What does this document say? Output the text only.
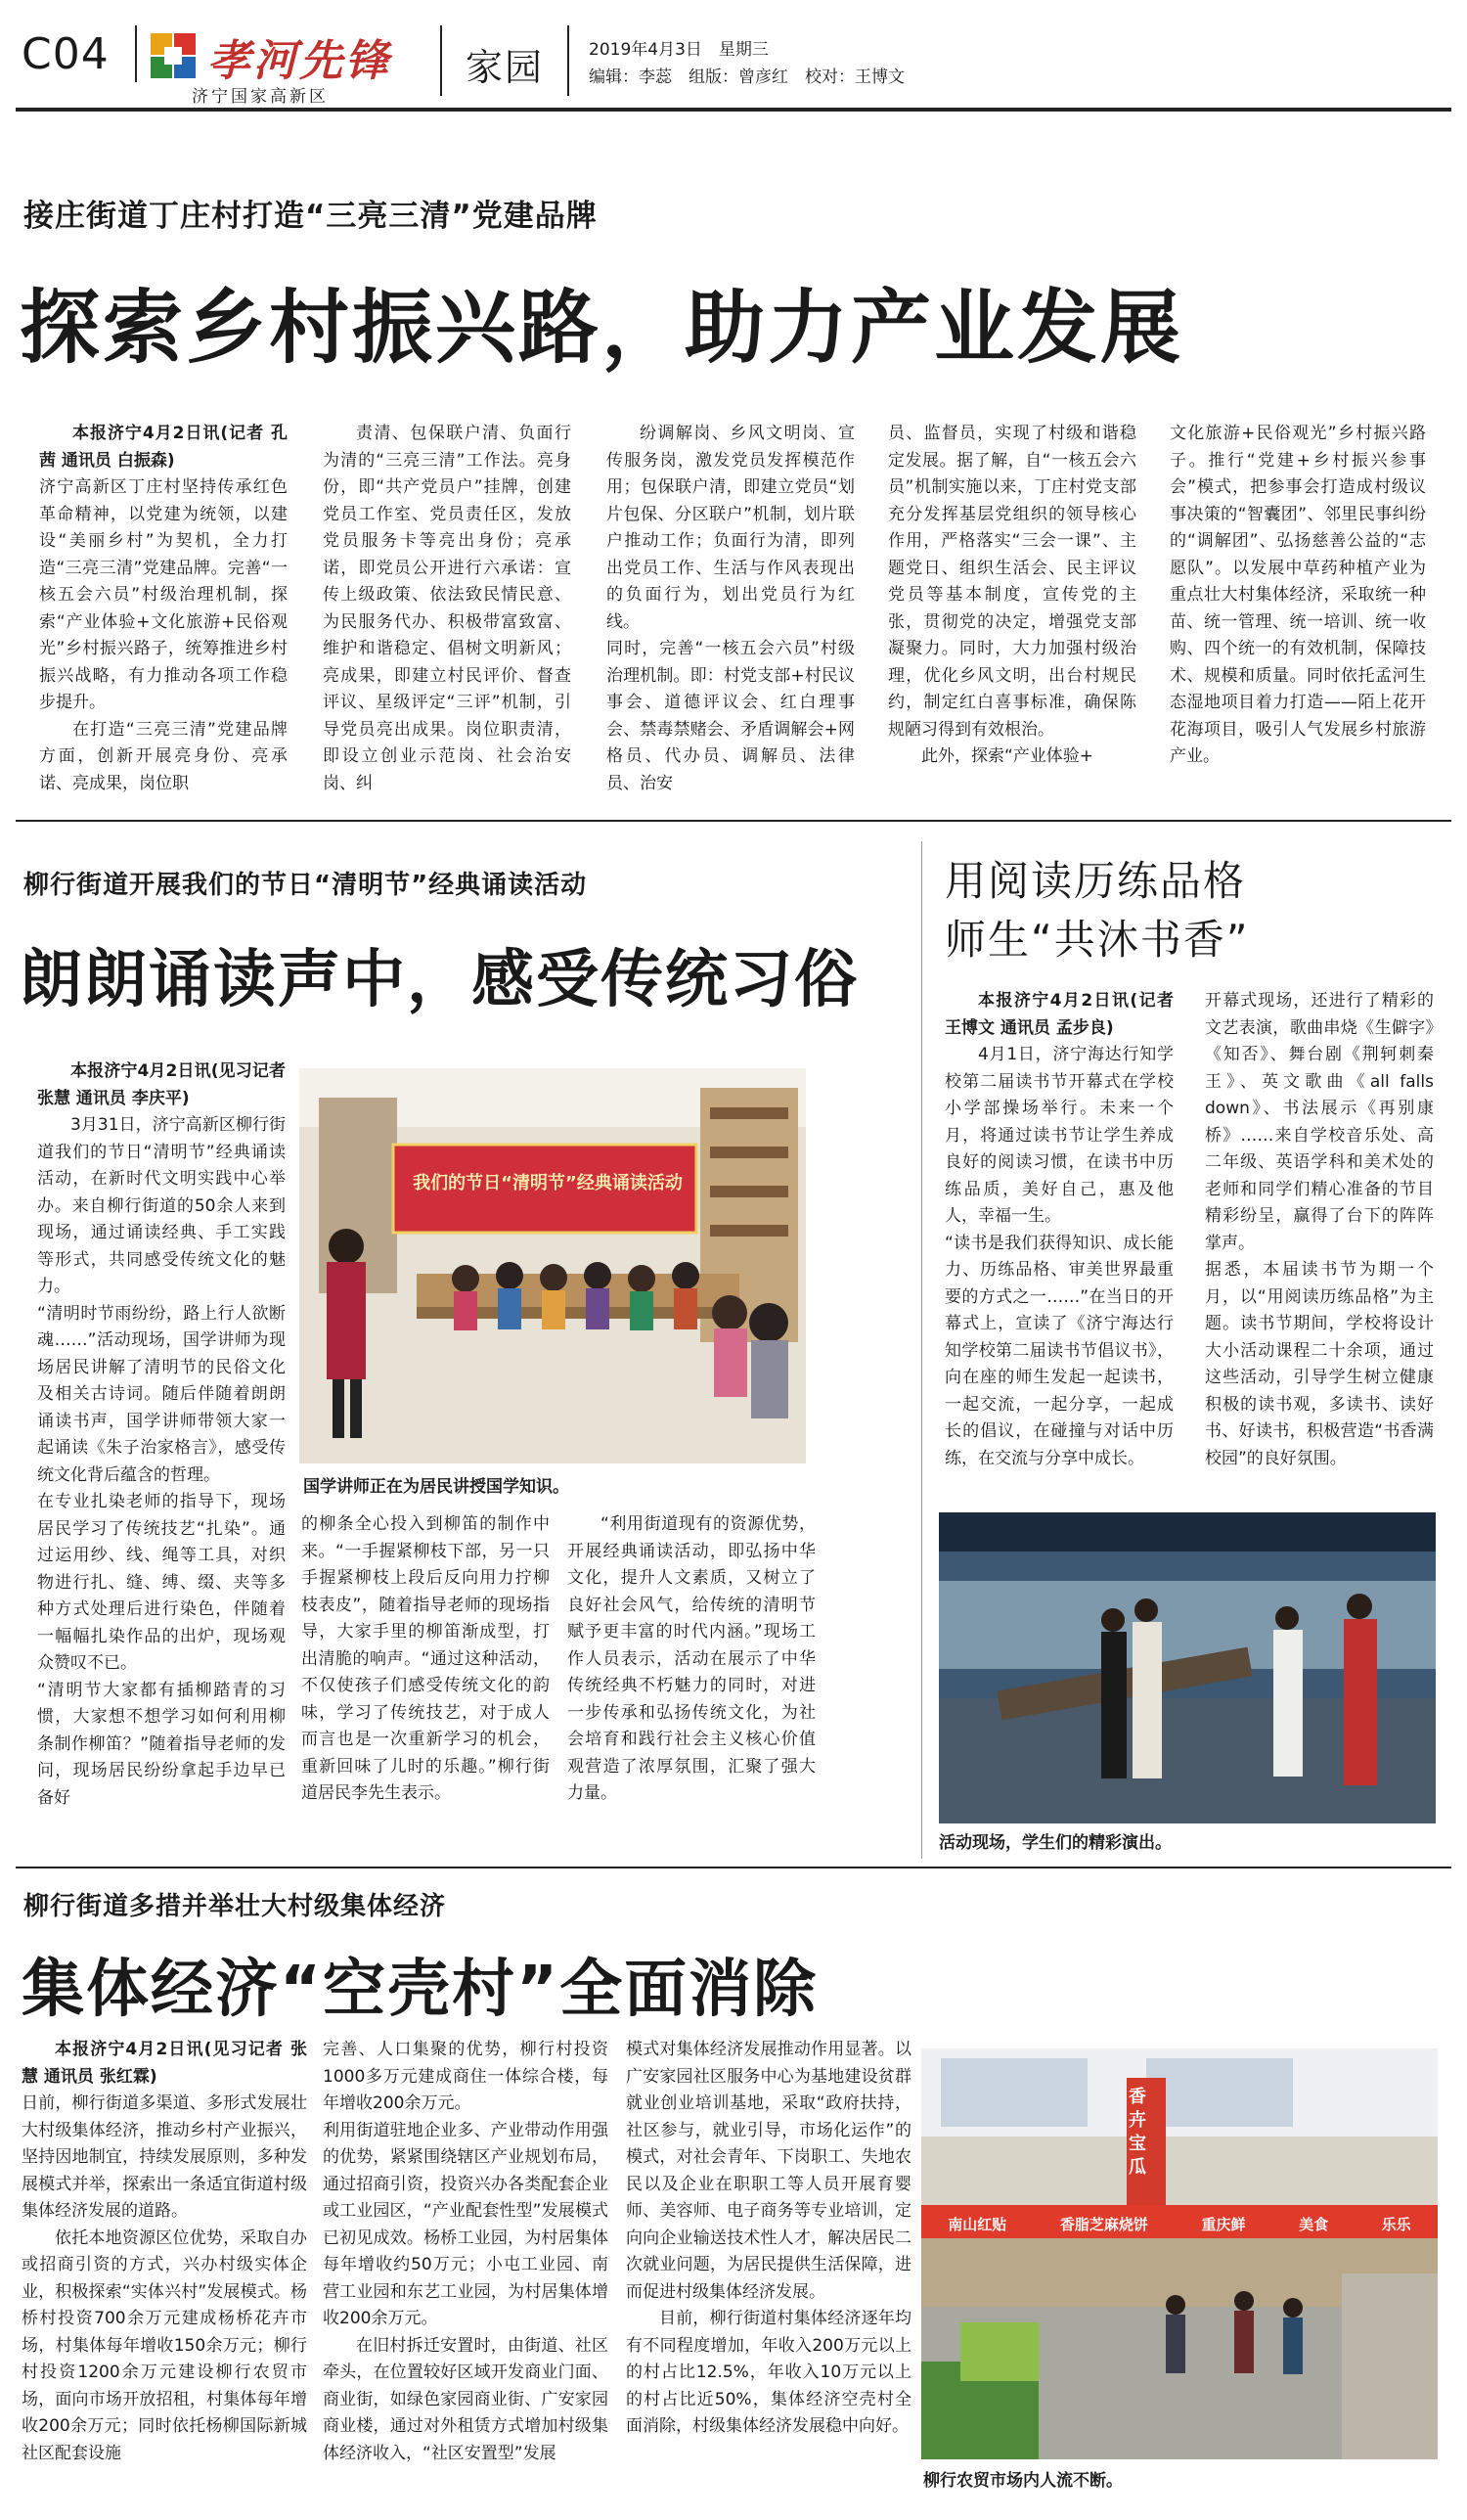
C04 孝河先锋
济宁国家高新区
家园	2019年4月3日　星期三
编辑：李蕊　组版：曾彦红　校对：王博文
接庄街道丁庄村打造“三亮三清”党建品牌
探索乡村振兴路，助力产业发展

本报济宁4月2日讯(记者 孔茜 通讯员 白振森)

济宁高新区丁庄村坚持传承红色革命精神，以党建为统领，以建设“美丽乡村”为契机，全力打造“三亮三清”党建品牌。完善“一核五会六员”村级治理机制，探索“产业体验+文化旅游+民俗观光”乡村振兴路子，统筹推进乡村振兴战略，有力推动各项工作稳步提升。

在打造“三亮三清”党建品牌方面，创新开展亮身份、亮承诺、亮成果，岗位职

责清、包保联户清、负面行为清的“三亮三清”工作法。亮身份，即“共产党员户”挂牌，创建党员工作室、党员责任区，发放党员服务卡等亮出身份；亮承诺，即党员公开进行六承诺：宣传上级政策、依法致民情民意、为民服务代办、积极带富致富、维护和谐稳定、倡树文明新风；亮成果，即建立村民评价、督查评议、星级评定“三评”机制，引导党员亮出成果。岗位职责清，即设立创业示范岗、社会治安岗、纠

纷调解岗、乡风文明岗、宣传服务岗，激发党员发挥模范作用；包保联户清，即建立党员“划片包保、分区联户”机制，划片联户推动工作；负面行为清，即列出党员工作、生活与作风表现出的负面行为，划出党员行为红线。

同时，完善“一核五会六员”村级治理机制。即：村党支部+村民议事会、道德评议会、红白理事会、禁毒禁赌会、矛盾调解会+网格员、代办员、调解员、法律员、治安

员、监督员，实现了村级和谐稳定发展。据了解，自“一核五会六员”机制实施以来，丁庄村党支部充分发挥基层党组织的领导核心作用，严格落实“三会一课”、主题党日、组织生活会、民主评议党员等基本制度，宣传党的主张，贯彻党的决定，增强党支部凝聚力。同时，大力加强村级治理，优化乡风文明，出台村规民约，制定红白喜事标准，确保陈规陋习得到有效根治。

此外，探索“产业体验+

文化旅游+民俗观光”乡村振兴路子。推行“党建+乡村振兴参事会”模式，把参事会打造成村级议事决策的“智囊团”、邻里民事纠纷的“调解团”、弘扬慈善公益的“志愿队”。以发展中草药种植产业为重点壮大村集体经济，采取统一种苗、统一管理、统一培训、统一收购、四个统一的有效机制，保障技术、规模和质量。同时依托孟河生态湿地项目着力打造——陌上花开花海项目，吸引人气发展乡村旅游产业。

柳行街道开展我们的节日“清明节”经典诵读活动
朗朗诵读声中，感受传统习俗

本报济宁4月2日讯(见习记者 张慧 通讯员 李庆平)

3月31日，济宁高新区柳行街道我们的节日“清明节”经典诵读活动，在新时代文明实践中心举办。来自柳行街道的50余人来到现场，通过诵读经典、手工实践等形式，共同感受传统文化的魅力。

“清明时节雨纷纷，路上行人欲断魂……”活动现场，国学讲师为现场居民讲解了清明节的民俗文化及相关古诗词。随后伴随着朗朗诵读书声，国学讲师带领大家一起诵读《朱子治家格言》，感受传统文化背后蕴含的哲理。

在专业扎染老师的指导下，现场居民学习了传统技艺“扎染”。通过运用纱、线、绳等工具，对织物进行扎、缝、缚、缀、夹等多种方式处理后进行染色，伴随着一幅幅扎染作品的出炉，现场观众赞叹不已。

“清明节大家都有插柳踏青的习惯，大家想不想学习如何利用柳条制作柳笛？”随着指导老师的发问，现场居民纷纷拿起手边早已备好

我们的节日“清明节”经典诵读活动
国学讲师正在为居民讲授国学知识。

的柳条全心投入到柳笛的制作中来。“一手握紧柳枝下部，另一只手握紧柳枝上段后反向用力拧柳枝表皮”，随着指导老师的现场指导，大家手里的柳笛渐成型，打出清脆的响声。“通过这种活动，不仅使孩子们感受传统文化的韵味，学习了传统技艺，对于成人而言也是一次重新学习的机会，重新回味了儿时的乐趣。”柳行街道居民李先生表示。

“利用街道现有的资源优势，开展经典诵读活动，即弘扬中华文化，提升人文素质，又树立了良好社会风气，给传统的清明节赋予更丰富的时代内涵。”现场工作人员表示，活动在展示了中华传统经典不朽魅力的同时，对进一步传承和弘扬传统文化，为社会培育和践行社会主义核心价值观营造了浓厚氛围，汇聚了强大力量。

用阅读历练品格
师生“共沐书香”

本报济宁4月2日讯(记者 王博文 通讯员 孟步良)

4月1日，济宁海达行知学校第二届读书节开幕式在学校小学部操场举行。未来一个月，将通过读书节让学生养成良好的阅读习惯，在读书中历练品质，美好自己，惠及他人，幸福一生。

“读书是我们获得知识、成长能力、历练品格、审美世界最重要的方式之一……”在当日的开幕式上，宣读了《济宁海达行知学校第二届读书节倡议书》，向在座的师生发起一起读书，一起交流，一起分享，一起成长的倡议，在碰撞与对话中历练，在交流与分享中成长。

开幕式现场，还进行了精彩的文艺表演，歌曲串烧《生僻字》《知否》、舞台剧《荆轲刺秦王》、英文歌曲《all falls down》、书法展示《再别康桥》……来自学校音乐处、高二年级、英语学科和美术处的老师和同学们精心准备的节目精彩纷呈，赢得了台下的阵阵掌声。

据悉，本届读书节为期一个月，以“用阅读历练品格”为主题。读书节期间，学校将设计大小活动课程二十余项，通过这些活动，引导学生树立健康积极的读书观，多读书、读好书、好读书，积极营造“书香满校园”的良好氛围。

活动现场，学生们的精彩演出。
柳行街道多措并举壮大村级集体经济
集体经济“空壳村”全面消除

本报济宁4月2日讯(见习记者 张慧 通讯员 张红霖)

日前，柳行街道多渠道、多形式发展壮大村级集体经济，推动乡村产业振兴，坚持因地制宜，持续发展原则，多种发展模式并举，探索出一条适宜街道村级集体经济发展的道路。

依托本地资源区位优势，采取自办或招商引资的方式，兴办村级实体企业，积极探索“实体兴村”发展模式。杨桥村投资700余万元建成杨桥花卉市场，村集体每年增收150余万元；柳行村投资1200余万元建设柳行农贸市场，面向市场开放招租，村集体每年增收200余万元；同时依托杨柳国际新城社区配套设施

完善、人口集聚的优势，柳行村投资1000多万元建成商住一体综合楼，每年增收200余万元。

利用街道驻地企业多、产业带动作用强的优势，紧紧围绕辖区产业规划布局，通过招商引资，投资兴办各类配套企业或工业园区，“产业配套性型”发展模式已初见成效。杨桥工业园，为村居集体每年增收约50万元；小屯工业园、南营工业园和东艺工业园，为村居集体增收200余万元。

在旧村拆迁安置时，由街道、社区牵头，在位置较好区域开发商业门面、商业街，如绿色家园商业街、广安家园商业楼，通过对外租赁方式增加村级集体经济收入，“社区安置型”发展

模式对集体经济发展推动作用显著。以广安家园社区服务中心为基地建设贫群就业创业培训基地，采取“政府扶持，社区参与，就业引导，市场化运作”的模式，对社会青年、下岗职工、失地农民以及企业在职职工等人员开展育婴师、美容师、电子商务等专业培训，定向向企业输送技术性人才，解决居民二次就业问题，为居民提供生活保障，进而促进村级集体经济发展。

目前，柳行街道村集体经济逐年均有不同程度增加，年收入200万元以上的村占比12.5%，年收入10万元以上的村占比近50%，集体经济空壳村全面消除，村级集体经济发展稳中向好。

香卉宝瓜
南山红贴	香脂芝麻烧饼	重庆鲜	美食	乐乐
柳行农贸市场内人流不断。
